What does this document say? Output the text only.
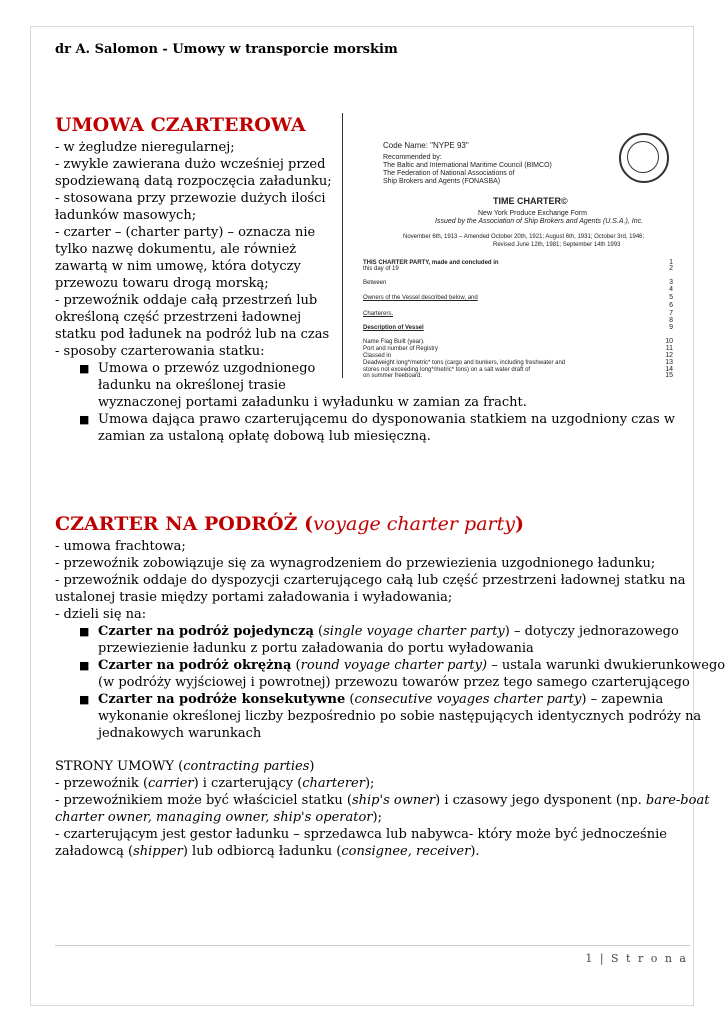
dr A. Salomon - Umowy w transporcie morskim
UMOWA CZARTEROWA
- w żegludze nieregularnej;
- zwykle zawierana dużo wcześniej przed
spodziewaną datą rozpoczęcia załadunku;
- stosowana przy przewozie dużych ilości
ładunków masowych;
- czarter – (charter party) – oznacza nie
tylko nazwę dokumentu, ale również
zawartą w nim umowę, która dotyczy
przewozu towaru drogą morską;
- przewoźnik oddaje całą przestrzeń lub
określoną część przestrzeni ładownej
statku pod ładunek na podróż lub na czas
- sposoby czarterowania statku:
■ Umowa o przewóz uzgodnionego
ładunku na określonej trasie
wyznaczonej portami załadunku i wyładunku w zamian za fracht.
■ Umowa dająca prawo czarterującemu do dysponowania statkiem na uzgodniony czas w
zamian za ustaloną opłatę dobową lub miesięczną.
Code Name: "NYPE 93"
Recommended by:
The Baltic and International Maritime Council (BIMCO)
The Federation of National Associations of
Ship Brokers and Agents (FONASBA)
TIME CHARTER©
New York Produce Exchange Form
Issued by the Association of Ship Brokers and Agents (U.S.A.), Inc.
November 6th, 1913 – Amended October 20th, 1921; August 6th, 1931; October 3rd, 1946;
Revised June 12th, 1981; September 14th 1993
THIS CHARTER PARTY, made and concluded in
this day of 19
Between
Owners of the Vessel described below, and
Charterers.
Description of Vessel
Name Flag Built (year).
Port and number of Registry
Classed in
Deadweight long*/metric* tons (cargo and bunkers, including freshwater and
stores not exceeding long*/metric* tons) on a salt water draft of
on summer freeboard.
1
2
3
4
5
6
7
8
9
10
11
12
13
14
15
CZARTER NA PODRÓŻ (voyage charter party)
- umowa frachtowa;
- przewoźnik zobowiązuje się za wynagrodzeniem do przewiezienia uzgodnionego ładunku;
- przewoźnik oddaje do dyspozycji czarterującego całą lub część przestrzeni ładownej statku na
ustalonej trasie między portami załadowania i wyładowania;
- dzieli się na:
■ Czarter na podróż pojedynczą (single voyage charter party) – dotyczy jednorazowego
przewiezienie ładunku z portu załadowania do portu wyładowania
■ Czarter na podróż okrężną (round voyage charter party) – ustala warunki dwukierunkowego
(w podróży wyjściowej i powrotnej) przewozu towarów przez tego samego czarterującego
■ Czarter na podróże konsekutywne (consecutive voyages charter party) – zapewnia
wykonanie określonej liczby bezpośrednio po sobie następujących identycznych podróży na
jednakowych warunkach
STRONY UMOWY (contracting parties)
- przewoźnik (carrier) i czarterujący (charterer);
- przewoźnikiem może być właściciel statku (ship's owner) i czasowy jego dysponent (np. bare-boat
charter owner, managing owner, ship's operator);
- czarterującym jest gestor ładunku – sprzedawca lub nabywca- który może być jednocześnie
załadowcą (shipper) lub odbiorcą ładunku (consignee, receiver).
1 | S t r o n a
